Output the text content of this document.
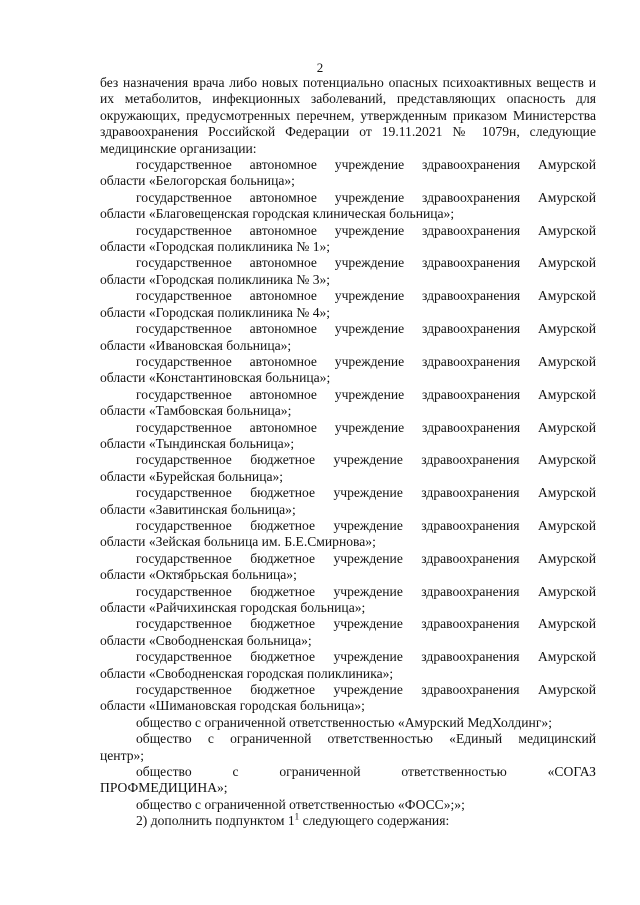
2

без назначения врача либо новых потенциально опасных психоактивных веществ и их метаболитов, инфекционных заболеваний, представляющих опасность для окружающих, предусмотренных перечнем, утвержденным приказом Министерства здравоохранения Российской Федерации от 19.11.2021 № 1079н, следующие медицинские организации:

государственное автономное учреждение здравоохранения Амурской
области «Белогорская больница»;

государственное автономное учреждение здравоохранения Амурской
области «Благовещенская городская клиническая больница»;

государственное автономное учреждение здравоохранения Амурской
области «Городская поликлиника № 1»;

государственное автономное учреждение здравоохранения Амурской
области «Городская поликлиника № 3»;

государственное автономное учреждение здравоохранения Амурской
области «Городская поликлиника № 4»;

государственное автономное учреждение здравоохранения Амурской
области «Ивановская больница»;

государственное автономное учреждение здравоохранения Амурской
области «Константиновская больница»;

государственное автономное учреждение здравоохранения Амурской
области «Тамбовская больница»;

государственное автономное учреждение здравоохранения Амурской
области «Тындинская больница»;

государственное бюджетное учреждение здравоохранения Амурской
области «Бурейская больница»;

государственное бюджетное учреждение здравоохранения Амурской
области «Завитинская больница»;

государственное бюджетное учреждение здравоохранения Амурской
области «Зейская больница им. Б.Е.Смирнова»;

государственное бюджетное учреждение здравоохранения Амурской
области «Октябрьская больница»;

государственное бюджетное учреждение здравоохранения Амурской
области «Райчихинская городская больница»;

государственное бюджетное учреждение здравоохранения Амурской
области «Свободненская больница»;

государственное бюджетное учреждение здравоохранения Амурской
области «Свободненская городская поликлиника»;

государственное бюджетное учреждение здравоохранения Амурской
области «Шимановская городская больница»;

общество с ограниченной ответственностью «Амурский МедХолдинг»;

общество с ограниченной ответственностью «Единый медицинский
центр»;

общество с ограниченной ответственностью «СОГАЗ
ПРОФМЕДИЦИНА»;

общество с ограниченной ответственностью «ФОСС»;»;

2) дополнить подпунктом $1^1$ следующего содержания:
